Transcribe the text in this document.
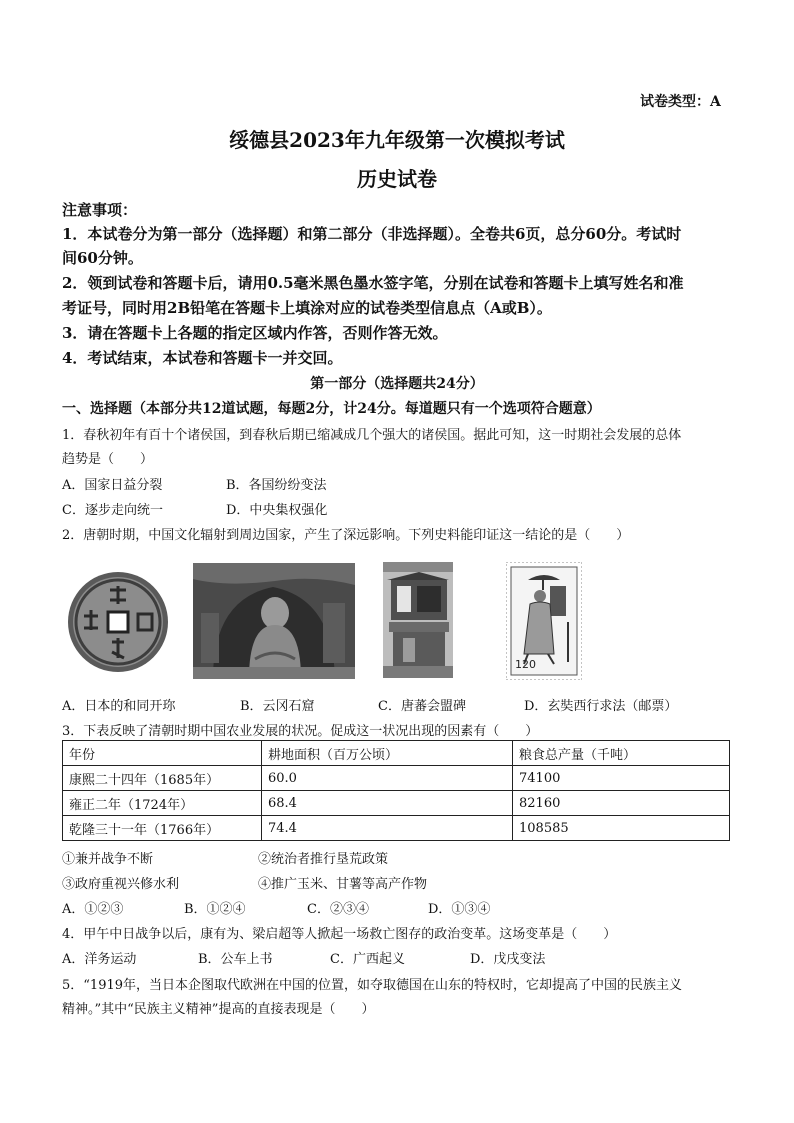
试卷类型：A
绥德县2023年九年级第一次模拟考试
历史试卷
注意事项：
1．本试卷分为第一部分（选择题）和第二部分（非选择题）。全卷共6页，总分60分。考试时
间60分钟。
2．领到试卷和答题卡后，请用0.5毫米黑色墨水签字笔，分别在试卷和答题卡上填写姓名和准
考证号，同时用2B铅笔在答题卡上填涂对应的试卷类型信息点（A或B）。
3．请在答题卡上各题的指定区域内作答，否则作答无效。
4．考试结束，本试卷和答题卡一并交回。
第一部分（选择题共24分）
一、选择题（本部分共12道试题，每题2分，计24分。每道题只有一个选项符合题意）
1．春秋初年有百十个诸侯国，到春秋后期已缩减成几个强大的诸侯国。据此可知，这一时期社会发展的总体
趋势是（　　）
A．国家日益分裂	B．各国纷纷变法
C．逐步走向统一	D．中央集权强化
2．唐朝时期，中国文化辐射到周边国家，产生了深远影响。下列史料能印证这一结论的是（　　）
120
A．日本的和同开珎	B．云冈石窟	C．唐蕃会盟碑	D．玄奘西行求法（邮票）
3．下表反映了清朝时期中国农业发展的状况。促成这一状况出现的因素有（　　）
年份	耕地面积（百万公顷）	粮食总产量（千吨）
康熙二十四年（1685年）	60.0	74100
雍正二年（1724年）	68.4	82160
乾隆三十一年（1766年）	74.4	108585
①兼并战争不断	②统治者推行垦荒政策
③政府重视兴修水利	④推广玉米、甘薯等高产作物
A．①②③	B．①②④	C．②③④	D．①③④
4．甲午中日战争以后，康有为、梁启超等人掀起一场救亡图存的政治变革。这场变革是（　　）
A．洋务运动	B．公车上书	C．广西起义	D．戊戌变法
5．“1919年，当日本企图取代欧洲在中国的位置，如夺取德国在山东的特权时，它却提高了中国的民族主义
精神。”其中“民族主义精神”提高的直接表现是（　　）
